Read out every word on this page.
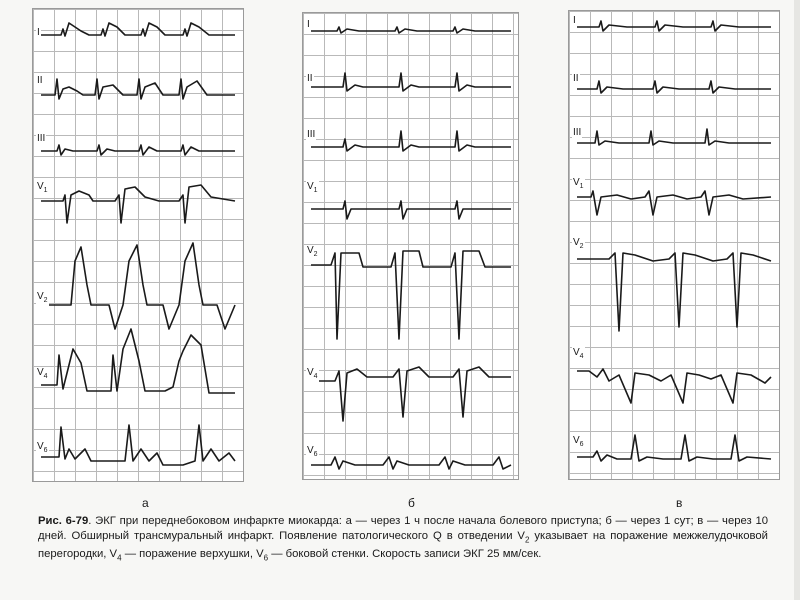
I
II
III
$V_1$
$V_2$
$V_4$
$V_6$
I
II
III
$V_1$
$V_2$
$V_4$
$V_6$
I
II
III
$V_1$
$V_2$
$V_4$
$V_6$
а	б	в
Рис. 6-79. ЭКГ при переднебоковом инфаркте миокарда: а — через 1 ч после начала болевого приступа; б — через 1 сут; в — через 10 дней. Обширный трансмуральный инфаркт. Появление патологического Q в отведении $V_2$ указывает на поражение межжелудочковой перегородки, $V_4$ — поражение верхушки, $V_6$ — боковой стенки. Скорость записи ЭКГ 25 мм/сек.
